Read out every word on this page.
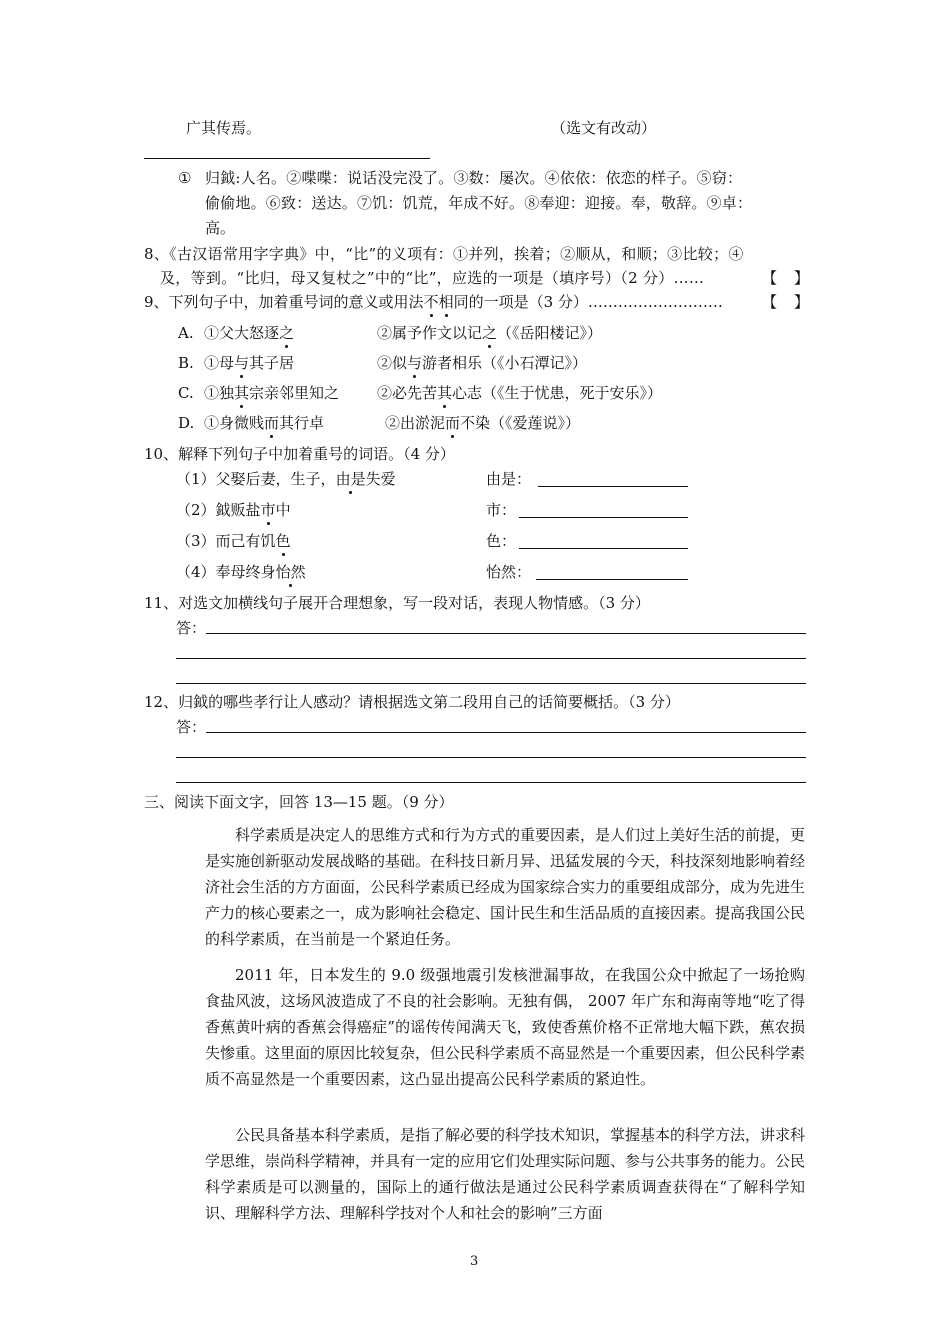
广其传焉。	（选文有改动）
① 归鉞:人名。②喋喋：说话没完没了。③数：屡次。④依依：依恋的样子。⑤窃：
偷偷地。⑥致：送达。⑦饥：饥荒，年成不好。⑧奉迎：迎接。奉，敬辞。⑨卓：
高。
8、《古汉语常用字字典》中，“比”的义项有：①并列，挨着；②顺从，和顺；③比较；④
及，等到。“比归，母又复杖之”中的“比”，应选的一项是（填序号）（2 分）……	【 】
9、下列句子中，加着重号词的意义或用法不相同的一项是（3 分）………………………	【 】
A. ①父大怒逐之	②属予作文以记之（《岳阳楼记》）
B. ①母与其子居	②似与游者相乐（《小石潭记》）
C. ①独其宗亲邻里知之	②必先苦其心志（《生于忧患，死于安乐》）
D. ①身微贱而其行卓	②出淤泥而不染（《爱莲说》）
10、解释下列句子中加着重号的词语。（4 分）
（1）父娶后妻，生子，由是失爱	由是：
（2）鉞贩盐市中	市：
（3）而己有饥色	色：
（4）奉母终身怡然	怡然：
11、对选文加横线句子展开合理想象，写一段对话，表现人物情感。（3 分）
答：
12、归鉞的哪些孝行让人感动？请根据选文第二段用自己的话简要概括。（3 分）
答：
三、阅读下面文字，回答 13—15 题。（9 分）
科学素质是决定人的思维方式和行为方式的重要因素，是人们过上美好生活的前提，更是实施创新驱动发展战略的基础。在科技日新月异、迅猛发展的今天，科技深刻地影响着经济社会生活的方方面面，公民科学素质已经成为国家综合实力的重要组成部分，成为先进生产力的核心要素之一，成为影响社会稳定、国计民生和生活品质的直接因素。提高我国公民的科学素质，在当前是一个紧迫任务。
2011 年，日本发生的 9.0 级强地震引发核泄漏事故，在我国公众中掀起了一场抢购食盐风波，这场风波造成了不良的社会影响。无独有偶， 2007 年广东和海南等地“吃了得香蕉黄叶病的香蕉会得癌症”的谣传传闻满天飞，致使香蕉价格不正常地大幅下跌，蕉农损失惨重。这里面的原因比较复杂，但公民科学素质不高显然是一个重要因素，但公民科学素质不高显然是一个重要因素，这凸显出提高公民科学素质的紧迫性。
公民具备基本科学素质，是指了解必要的科学技术知识，掌握基本的科学方法，讲求科学思维，崇尚科学精神，并具有一定的应用它们处理实际问题、参与公共事务的能力。公民科学素质是可以测量的，国际上的通行做法是通过公民科学素质调查获得在“了解科学知识、理解科学方法、理解科学技对个人和社会的影响”三方面
3
